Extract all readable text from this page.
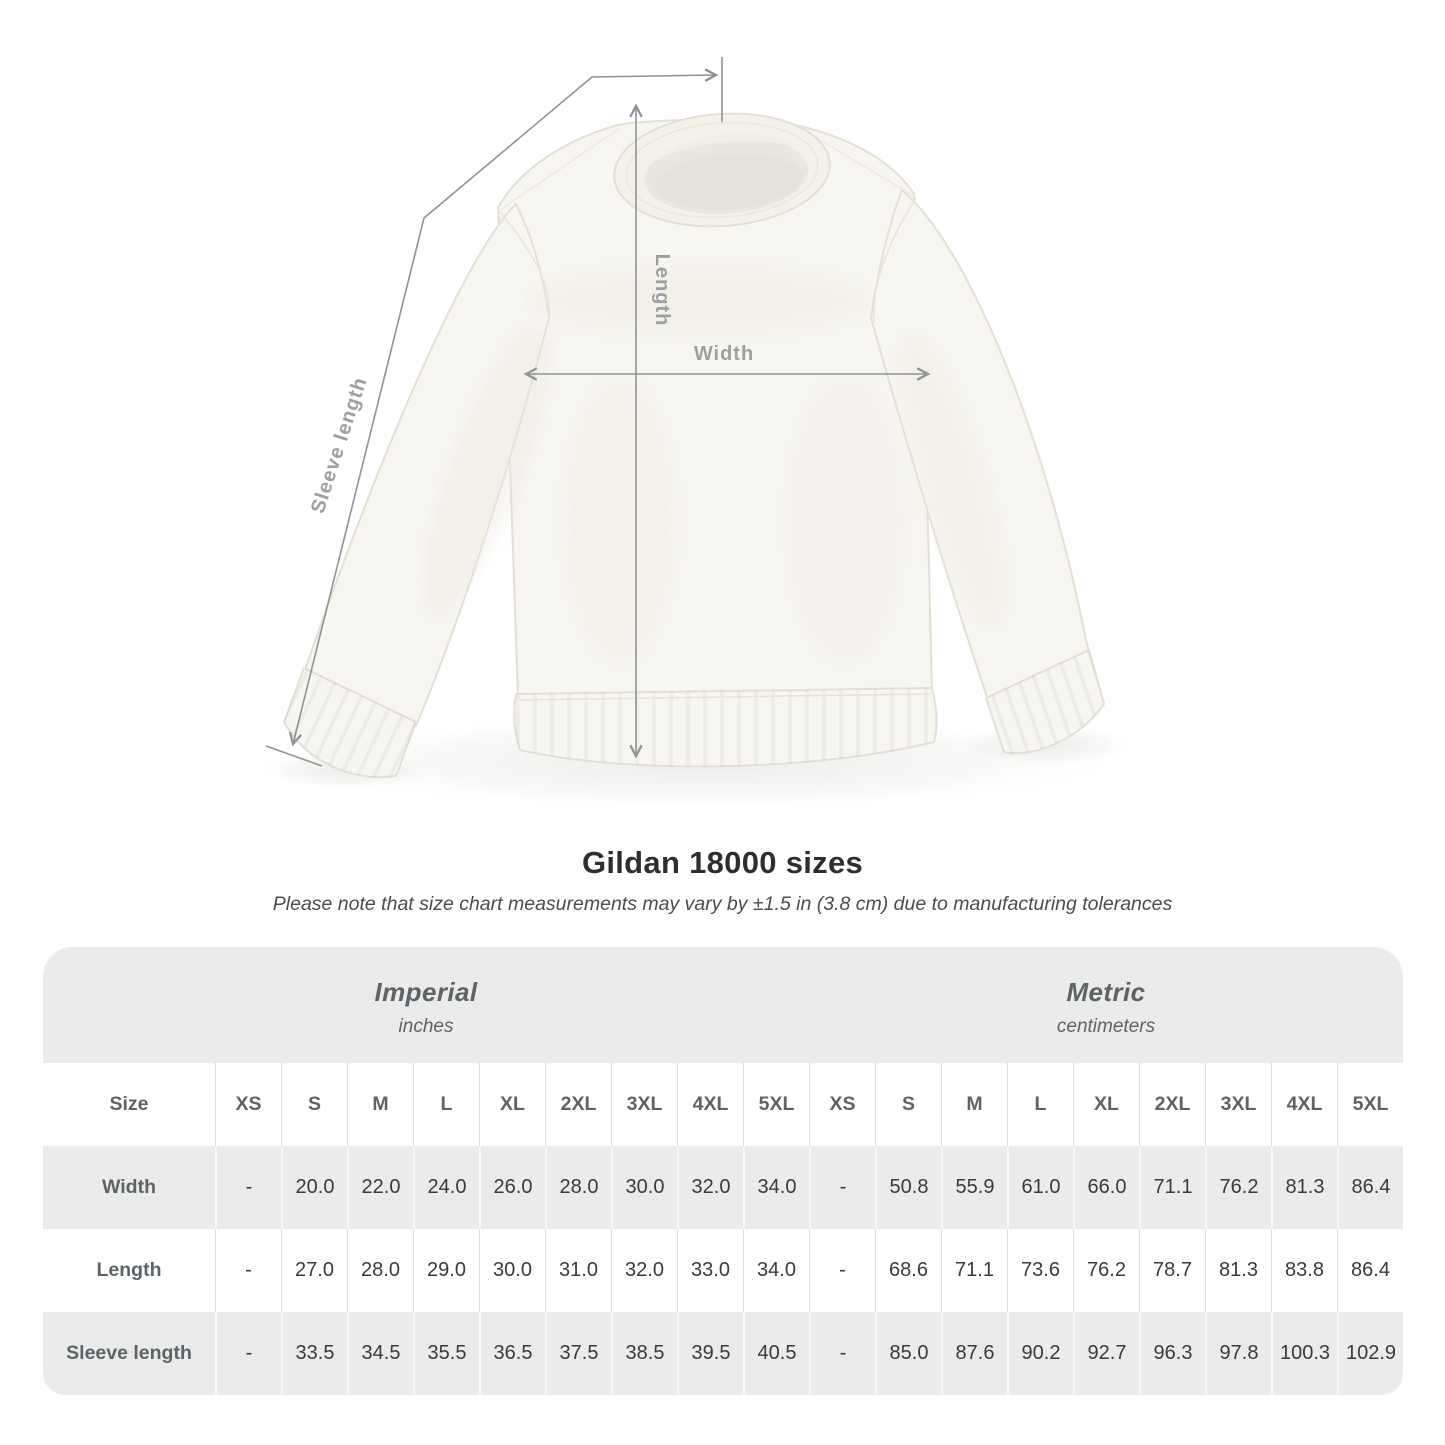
Width
Length
Sleeve length
Gildan 18000 sizes

Please note that size chart measurements may vary by ±1.5 in (3.8 cm) due to manufacturing tolerances

Imperial
inches
Metric
centimeters
Size	XS	S	M	L	XL	2XL	3XL	4XL	5XL	XS	S	M	L	XL	2XL	3XL	4XL	5XL
Width	-	20.0	22.0	24.0	26.0	28.0	30.0	32.0	34.0	-	50.8	55.9	61.0	66.0	71.1	76.2	81.3	86.4
Length	-	27.0	28.0	29.0	30.0	31.0	32.0	33.0	34.0	-	68.6	71.1	73.6	76.2	78.7	81.3	83.8	86.4
Sleeve length	-	33.5	34.5	35.5	36.5	37.5	38.5	39.5	40.5	-	85.0	87.6	90.2	92.7	96.3	97.8	100.3 102.9
